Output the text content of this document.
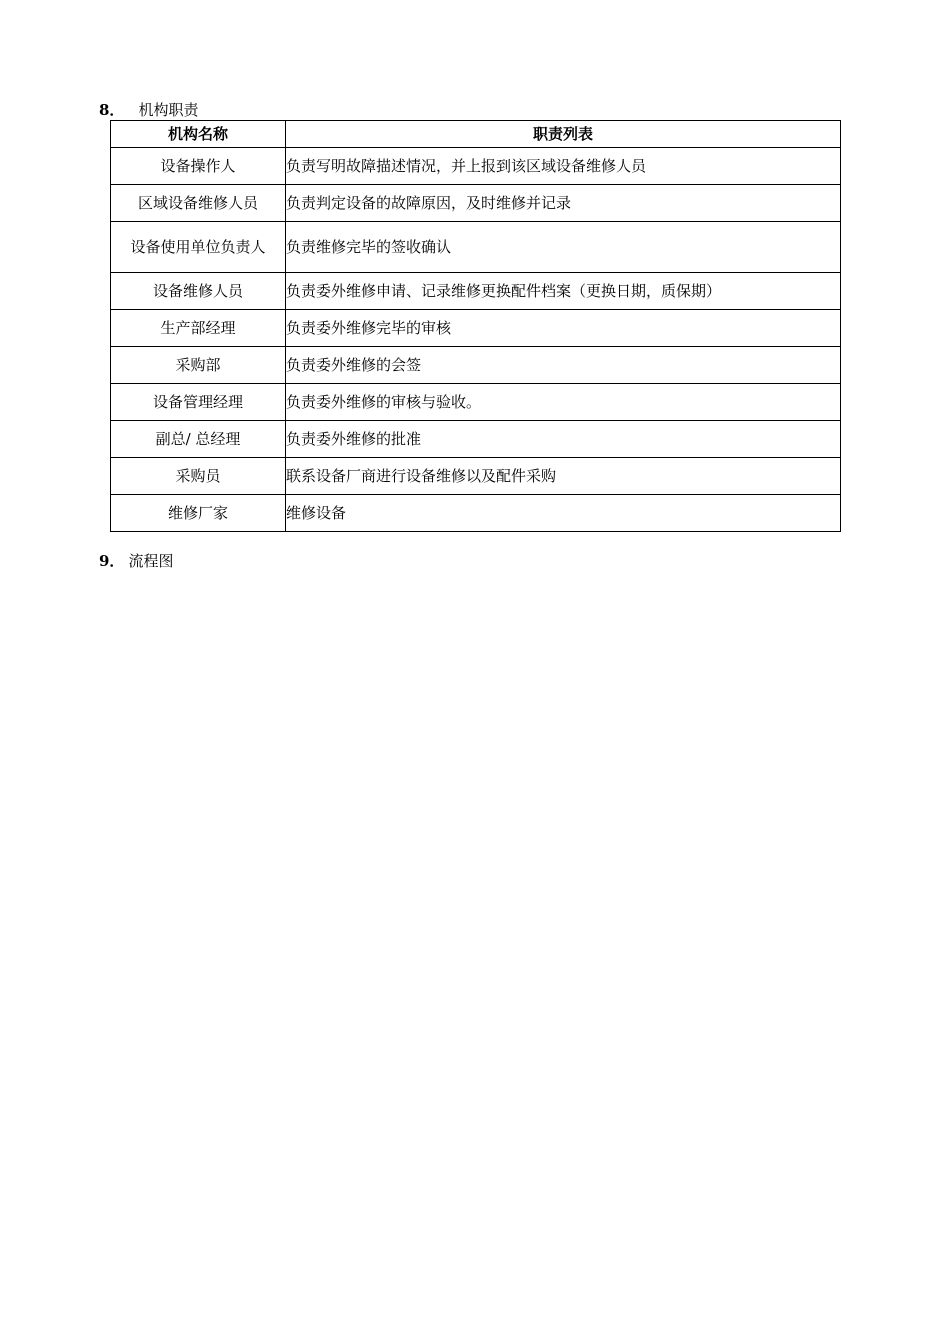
8． 机构职责
机构名称	职责列表
设备操作人	负责写明故障描述情况，并上报到该区域设备维修人员
区域设备维修人员	负责判定设备的故障原因，及时维修并记录
设备使用单位负责人	负责维修完毕的签收确认
设备维修人员	负责委外维修申请、记录维修更换配件档案（更换日期，质保期）
生产部经理	负责委外维修完毕的审核
采购部	负责委外维修的会签
设备管理经理	负责委外维修的审核与验收。
副总/ 总经理	负责委外维修的批准
采购员	联系设备厂商进行设备维修以及配件采购
维修厂家	维修设备
9． 流程图
